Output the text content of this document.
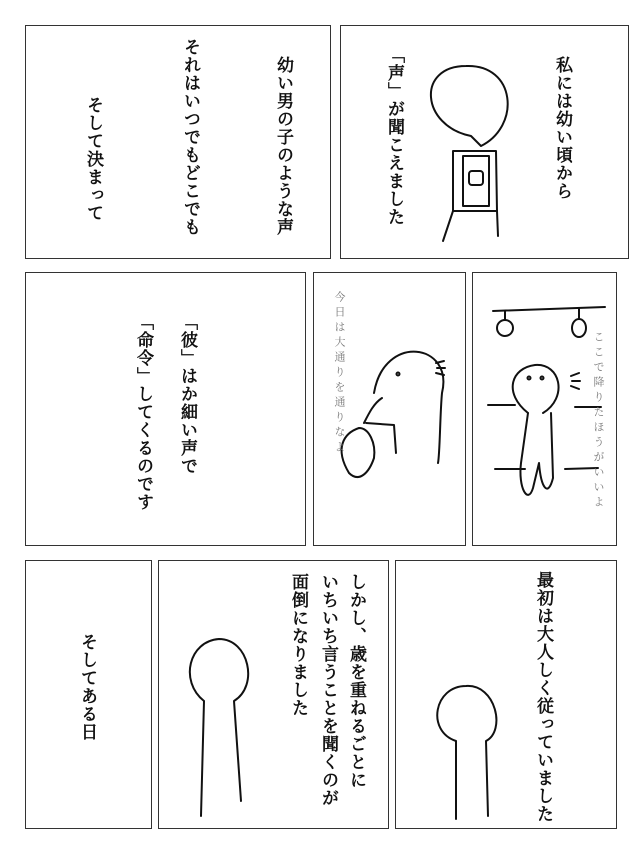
私には幼い頃から
「声」が聞こえました
幼い男の子のような声
それはいつでもどこでも
そして決まって
「彼」はか細い声で
「命令」してくるのです	今日は大通りを通りなよ	ここで降りたほうがいいよ
最初は大人しく従っていました
しかし、歳を重ねるごとに
いちいち言うことを聞くのが
面倒になりました
そしてある日
